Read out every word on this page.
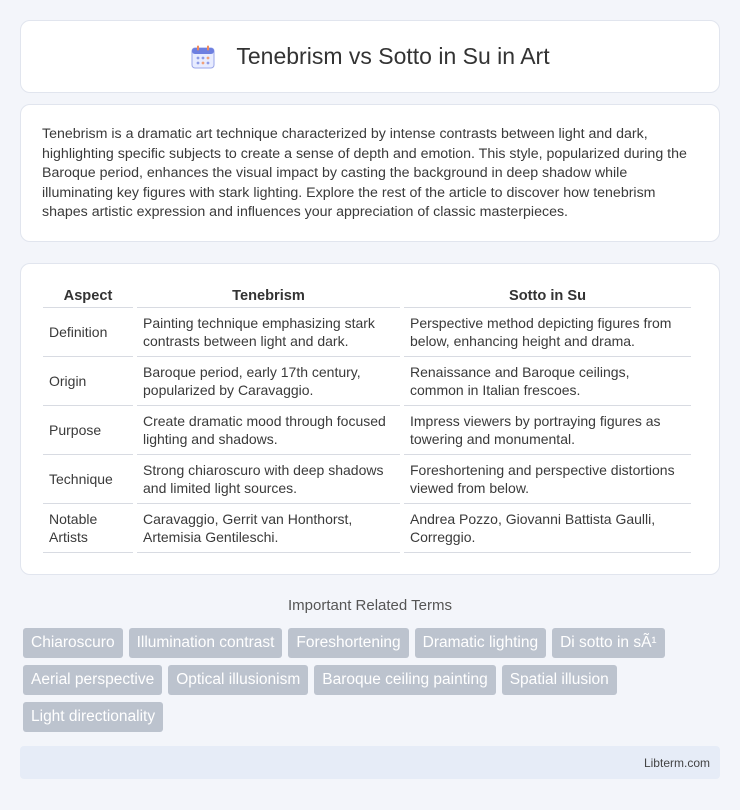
Tenebrism vs Sotto in Su in Art

Tenebrism is a dramatic art technique characterized by intense contrasts between light and dark, highlighting specific subjects to create a sense of depth and emotion. This style, popularized during the Baroque period, enhances the visual impact by casting the background in deep shadow while illuminating key figures with stark lighting. Explore the rest of the article to discover how tenebrism shapes artistic expression and influences your appreciation of classic masterpieces.

Aspect	Tenebrism	Sotto in Su
Definition	Painting technique emphasizing stark contrasts between light and dark.	Perspective method depicting figures from below, enhancing height and drama.
Origin	Baroque period, early 17th century, popularized by Caravaggio.	Renaissance and Baroque ceilings, common in Italian frescoes.
Purpose	Create dramatic mood through focused lighting and shadows.	Impress viewers by portraying figures as towering and monumental.
Technique	Strong chiaroscuro with deep shadows and limited light sources.	Foreshortening and perspective distortions viewed from below.
Notable Artists	Caravaggio, Gerrit van Honthorst, Artemisia Gentileschi.	Andrea Pozzo, Giovanni Battista Gaulli, Correggio.
Important Related Terms
Chiaroscuro	Illumination contrast	Foreshortening	Dramatic lighting	Di sotto in sÃ¹
Aerial perspective	Optical illusionism	Baroque ceiling painting	Spatial illusion
Light directionality
Libterm.com
